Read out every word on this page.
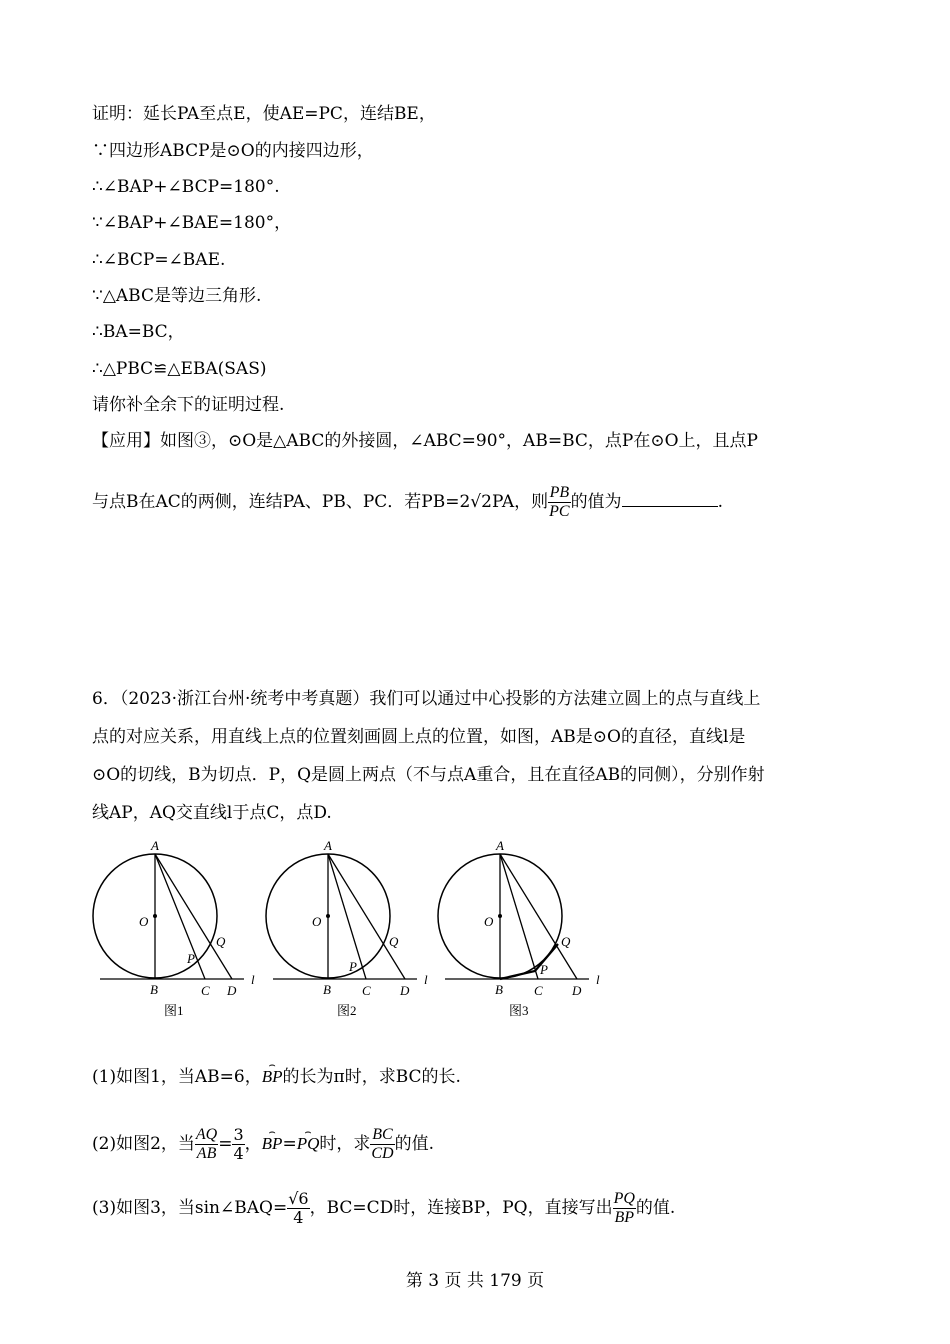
证明：延长PA至点E，使AE=PC，连结BE，
∵四边形ABCP是⊙O的内接四边形，
∴∠BAP+∠BCP=180°.
∵∠BAP+∠BAE=180°，
∴∠BCP=∠BAE.
∵△ABC是等边三角形.
∴BA=BC，
∴△PBC≌△EBA(SAS)
请你补全余下的证明过程.
【应用】如图③，⊙O是△ABC的外接圆，∠ABC=90°，AB=BC，点P在⊙O上，且点P
与点B在AC的两侧，连结PA、PB、PC．若PB=2√2PA，则 $\frac{PB}{PC}$ 的值为	.
6．（2023·浙江台州·统考中考真题）我们可以通过中心投影的方法建立圆上的点与直线上
点的对应关系，用直线上点的位置刻画圆上点的位置，如图，AB是⊙O的直径，直线l是
⊙O的切线，B为切点．P，Q是圆上两点（不与点A重合，且在直径AB的同侧），分别作射
线AP，AQ交直线l于点C，点D.
A
O
Q
P
B	C D
l
图1
A
O
Q
P
B C D
l
图2
A
O
Q
P
B C D
l
图3
(1)如图1，当AB=6，⌢ BP的长为π时，求BC的长.
(2)如图2，当 $\frac{AQ}{AB} = \frac{3}{4}$ ，⌢ BP=⌢ PQ时，求 $\frac{BC}{CD}$ 的值.
(3)如图3，当sin∠BAQ= $\frac{√6}{4}$ ，BC=CD时，连接BP，PQ，直接写出 $\frac{PQ}{BP}$ 的值.
第 3 页 共 179 页
